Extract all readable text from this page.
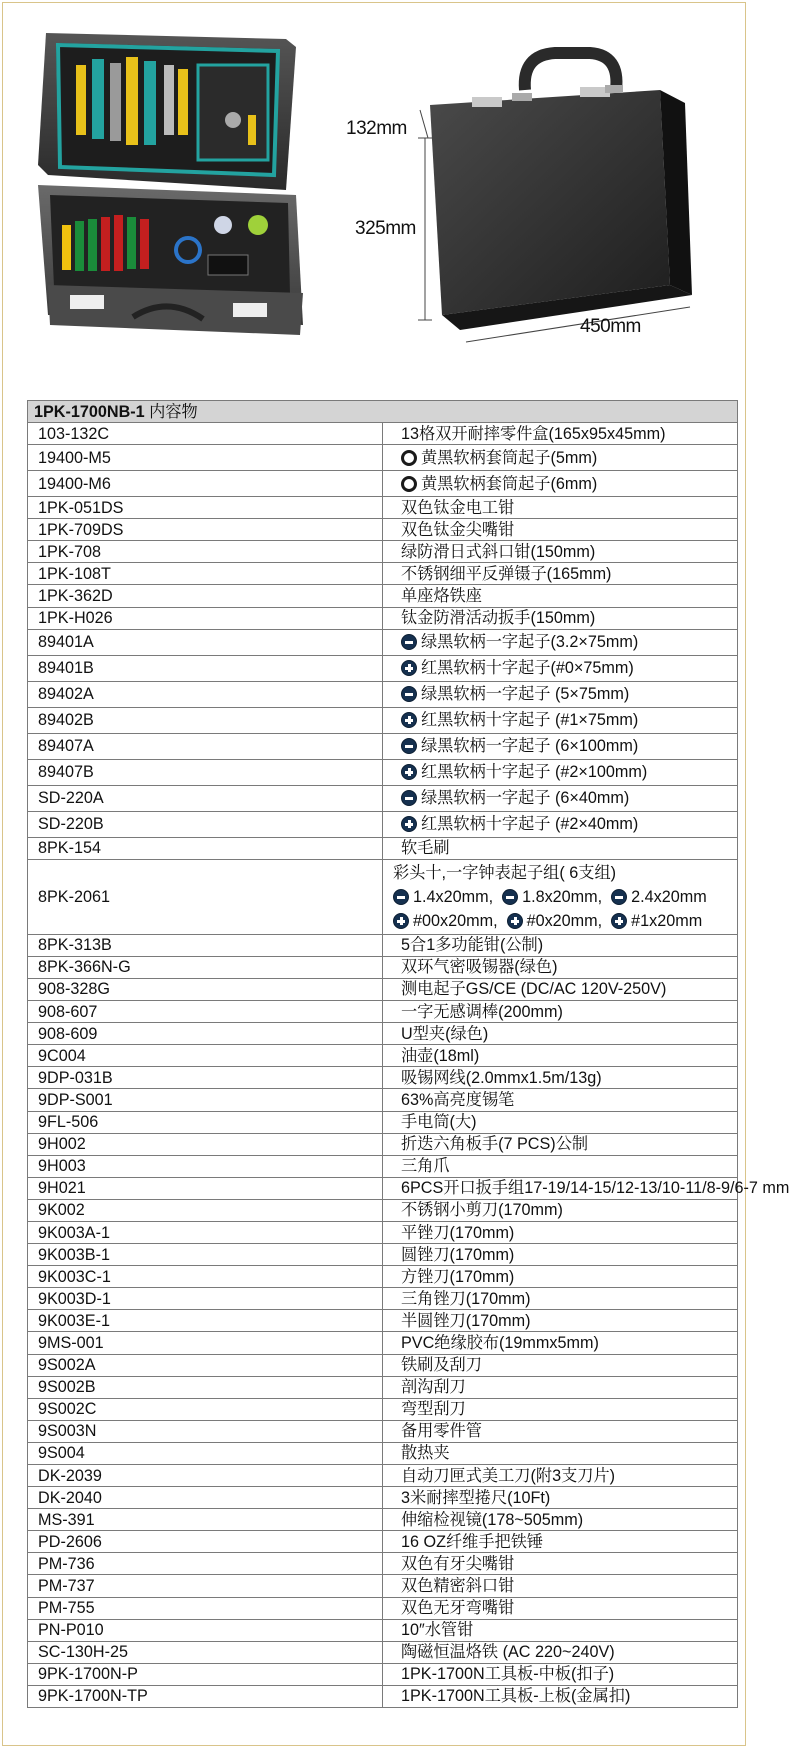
132mm
325mm
450mm
1PK-1700NB-1 内容物	
103-132C	13格双开耐摔零件盒(165x95x45mm)
19400-M5	黄黑软柄套筒起子(5mm)
19400-M6	黄黑软柄套筒起子(6mm)
1PK-051DS	双色钛金电工钳
1PK-709DS	双色钛金尖嘴钳
1PK-708	绿防滑日式斜口钳(150mm)
1PK-108T	不锈钢细平反弹镊子(165mm)
1PK-362D	单座烙铁座
1PK-H026	钛金防滑活动扳手(150mm)
89401A	绿黑软柄一字起子(3.2×75mm)
89401B	红黑软柄十字起子(#0×75mm)
89402A	绿黑软柄一字起子 (5×75mm)
89402B	红黑软柄十字起子 (#1×75mm)
89407A	绿黑软柄一字起子 (6×100mm)
89407B	红黑软柄十字起子 (#2×100mm)
SD-220A	绿黑软柄一字起子 (6×40mm)
SD-220B	红黑软柄十字起子 (#2×40mm)
8PK-154	软毛刷
8PK-2061	彩头十,一字钟表起子组( 6支组)
1.4x20mm, 1.8x20mm, 2.4x20mm
#00x20mm, #0x20mm, #1x20mm

8PK-313B	5合1多功能钳(公制)
8PK-366N-G	双环气密吸锡器(绿色)
908-328G	测电起子GS/CE (DC/AC 120V-250V)
908-607	一字无感调棒(200mm)
908-609	U型夹(绿色)
9C004	油壶(18ml)
9DP-031B	吸锡网线(2.0mmx1.5m/13g)
9DP-S001	63%高亮度锡笔
9FL-506	手电筒(大)
9H002	折迭六角板手(7 PCS)公制
9H003	三角爪
9H021	6PCS开口扳手组17-19/14-15/12-13/10-11/8-9/6-7 mm
9K002	不锈钢小剪刀(170mm)
9K003A-1	平锉刀(170mm)
9K003B-1	圆锉刀(170mm)
9K003C-1	方锉刀(170mm)
9K003D-1	三角锉刀(170mm)
9K003E-1	半圆锉刀(170mm)
9MS-001	PVC绝缘胶布(19mmx5mm)
9S002A	铁刷及刮刀
9S002B	剖沟刮刀
9S002C	弯型刮刀
9S003N	备用零件管
9S004	散热夹
DK-2039	自动刀匣式美工刀(附3支刀片)
DK-2040	3米耐摔型捲尺(10Ft)
MS-391	伸缩检视镜(178~505mm)
PD-2606	16 OZ纤维手把铁锤
PM-736	双色有牙尖嘴钳
PM-737	双色精密斜口钳
PM-755	双色无牙弯嘴钳
PN-P010	10″水管钳
SC-130H-25	陶磁恒温烙铁 (AC 220~240V)
9PK-1700N-P	1PK-1700N工具板-中板(扣子)
9PK-1700N-TP	1PK-1700N工具板-上板(金属扣)
